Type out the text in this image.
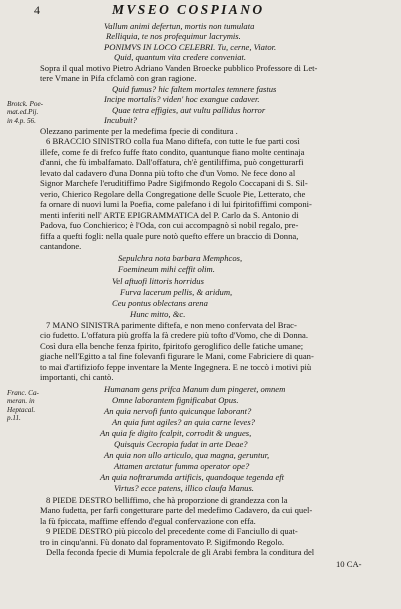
4	MVSEO COSPIANO
Brotck. Poe-
mat.ed.Pij.
in 4.p. 56.
Franc. Ca-
meran. in
Heptacal.
p.11.
Vallum animi defertun, mortis non tumulata
Relliquia, te nos profequimur lacrymis.
PONIMVS IN LOCO CELEBRI. Tu, cerne, Viator.
Quid, quantum vita credere conveniat.
Sopra il qual motivo Pietro Adriano Vanden Broecke pubblico Professore di Let-
tere Vmane in Pifa cfclamò con gran ragione.
Quid fumus? hic faltem mortales temnere fastus
Incipe mortalis? viden' hoc exangue cadaver.
Quae tetra effigies, aut vultu pallidus horror
Incubuit?
Olezzano parimente per la medefima fpecie di conditura .
6 BRACCIO SINISTRO colla fua Mano diftefa, con tutte le fue parti così
illefe, come fe di frefco fuffe ftato condito, quantunque fiano molte centinaja
d'anni, che fù imbalfamato. Dall'offatura, ch'è gentiliffima, può congetturarfi
levato dal cadavero d'una Donna più tofto che d'un Vomo. Ne fece dono al
Signor Marchefe l'eruditiffimo Padre Sigifmondo Regolo Coccapani di S. Sil-
verio, Chierico Regolare della Congregatione delle Scuole Pie, Letterato, che
fa ornare di nuovi lumi la Poefia, come palefano i di lui fpiritofiffimi componi-
menti inferiti nell' ARTE EPIGRAMMATICA del P. Carlo da S. Antonio di
Padova, fuo Conchierico; è l'Oda, con cui accompagnò sì nobil regalo, pre-
fiffa a quefti fogli: nella quale pure notò quefto effere un braccio di Donna,
cantandone.
Sepulchra nota barbara Memphcos,
Foemineum mihi ceffit olim.
Vel aftuofi littoris horridus
Furva lacerum pellis, & aridum,
Ceu pontus oblectans arena
Hunc mitto, &c.
7 MANO SINISTRA parimente diftefa, e non meno confervata del Brac-
cio fudetto. L'offatura più groffa la fà credere più tofto d'Vomo, che di Donna.
Così dura ella benche fenza fpirito, fpiritofo geroglifico delle fatiche umane;
giache nell'Egitto a tal fine folevanfi figurare le Mani, come Fabriciere di quan-
to mai d'artifiziofo feppe inventare la Mente Ingegnera. E ne toccò i motivi più
importanti, chi cantò.
Humanam gens prifca Manum dum pingeret, omnem
Omne laborantem fignificabat Opus.
An quia nervofi funto quicunque laborant?
An quia funt agiles? an quia carne leves?
An quia fe digito fcalpit, corrodit & ungues,
Quisquis Cecropia fudat in arte Deae?
An quia non ullo articulo, qua magna, geruntur,
Attamen arctatur fumma operator ope?
An quia noftrarumda artificis, quandoque tegenda eft
Virtus? ecce patens, illico claufa Manus.
8 PIEDE DESTRO belliffimo, che hà proporzione di grandezza con la
Mano fudetta, per farfi congetturare parte del medefimo Cadavero, da cui quel-
la fù fpiccata, maffime effendo d'egual confervazione con effa.
9 PIEDE DESTRO più piccolo del precedente come di Fanciullo di quat-
tro in cinqu'anni. Fù donato dal fopramentovato P. Sigifmondo Regolo.
Della feconda fpecie di Mumia fepolcrale de gli Arabi fembra la conditura del
10 CA-
